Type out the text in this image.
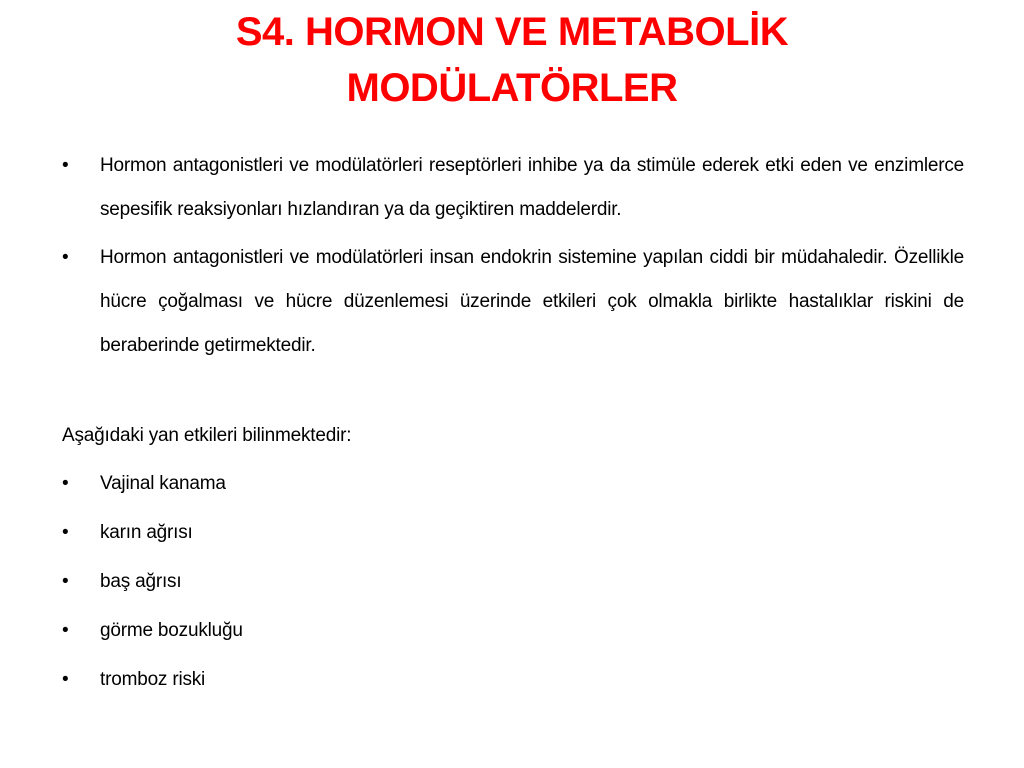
S4. HORMON VE METABOLİK
MODÜLATÖRLER
•	Hormon antagonistleri ve modülatörleri reseptörleri inhibe ya da stimüle ederek etki eden ve enzimlerce sepesifik reaksiyonları hızlandıran ya da geçiktiren maddelerdir.
•	Hormon antagonistleri ve modülatörleri insan endokrin sistemine yapılan ciddi bir müdahaledir. Özellikle hücre çoğalması ve hücre düzenlemesi üzerinde etkileri çok olmakla birlikte hastalıklar riskini de beraberinde getirmektedir.
Aşağıdaki yan etkileri bilinmektedir:
•	Vajinal kanama
•	karın ağrısı
•	baş ağrısı
•	görme bozukluğu
•	tromboz riski
